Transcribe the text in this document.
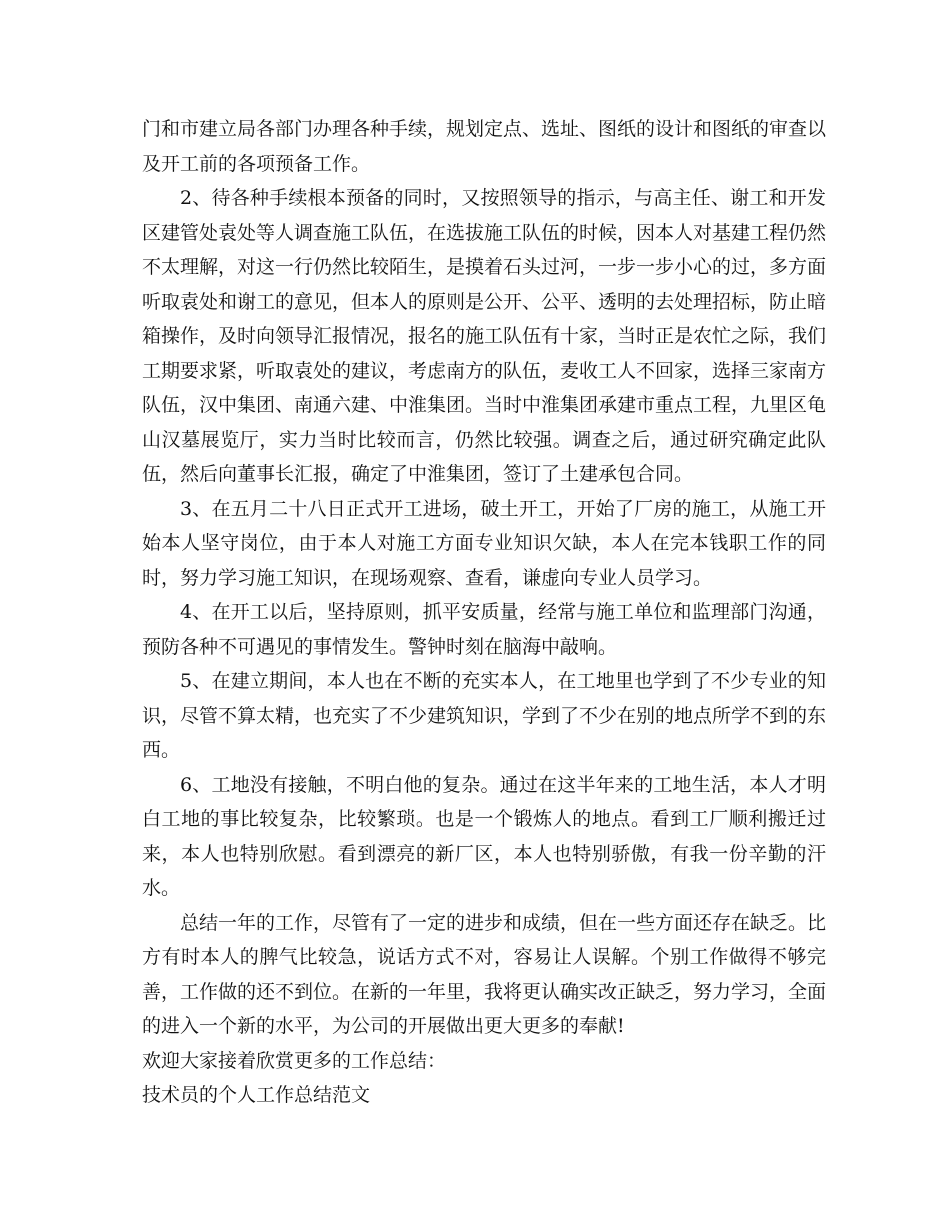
门和市建立局各部门办理各种手续，规划定点、选址、图纸的设计和图纸的审查以及开工前的各项预备工作。

2、待各种手续根本预备的同时，又按照领导的指示，与高主任、谢工和开发区建管处袁处等人调查施工队伍，在选拔施工队伍的时候，因本人对基建工程仍然不太理解，对这一行仍然比较陌生，是摸着石头过河，一步一步小心的过，多方面听取袁处和谢工的意见，但本人的原则是公开、公平、透明的去处理招标，防止暗箱操作，及时向领导汇报情况，报名的施工队伍有十家，当时正是农忙之际，我们工期要求紧，听取袁处的建议，考虑南方的队伍，麦收工人不回家，选择三家南方队伍，汉中集团、南通六建、中淮集团。当时中淮集团承建市重点工程，九里区龟山汉墓展览厅，实力当时比较而言，仍然比较强。调查之后，通过研究确定此队伍，然后向董事长汇报，确定了中淮集团，签订了土建承包合同。

3、在五月二十八日正式开工进场，破土开工，开始了厂房的施工，从施工开始本人坚守岗位，由于本人对施工方面专业知识欠缺，本人在完本钱职工作的同时，努力学习施工知识，在现场观察、查看，谦虚向专业人员学习。

4、在开工以后，坚持原则，抓平安质量，经常与施工单位和监理部门沟通，预防各种不可遇见的事情发生。警钟时刻在脑海中敲响。

5、在建立期间，本人也在不断的充实本人，在工地里也学到了不少专业的知识，尽管不算太精，也充实了不少建筑知识，学到了不少在别的地点所学不到的东西。

6、工地没有接触，不明白他的复杂。通过在这半年来的工地生活，本人才明白工地的事比较复杂，比较繁琐。也是一个锻炼人的地点。看到工厂顺利搬迁过来，本人也特别欣慰。看到漂亮的新厂区，本人也特别骄傲，有我一份辛勤的汗水。

总结一年的工作，尽管有了一定的进步和成绩，但在一些方面还存在缺乏。比方有时本人的脾气比较急，说话方式不对，容易让人误解。个别工作做得不够完善，工作做的还不到位。在新的一年里，我将更认确实改正缺乏，努力学习，全面的进入一个新的水平，为公司的开展做出更大更多的奉献!

欢迎大家接着欣赏更多的工作总结：

技术员的个人工作总结范文
